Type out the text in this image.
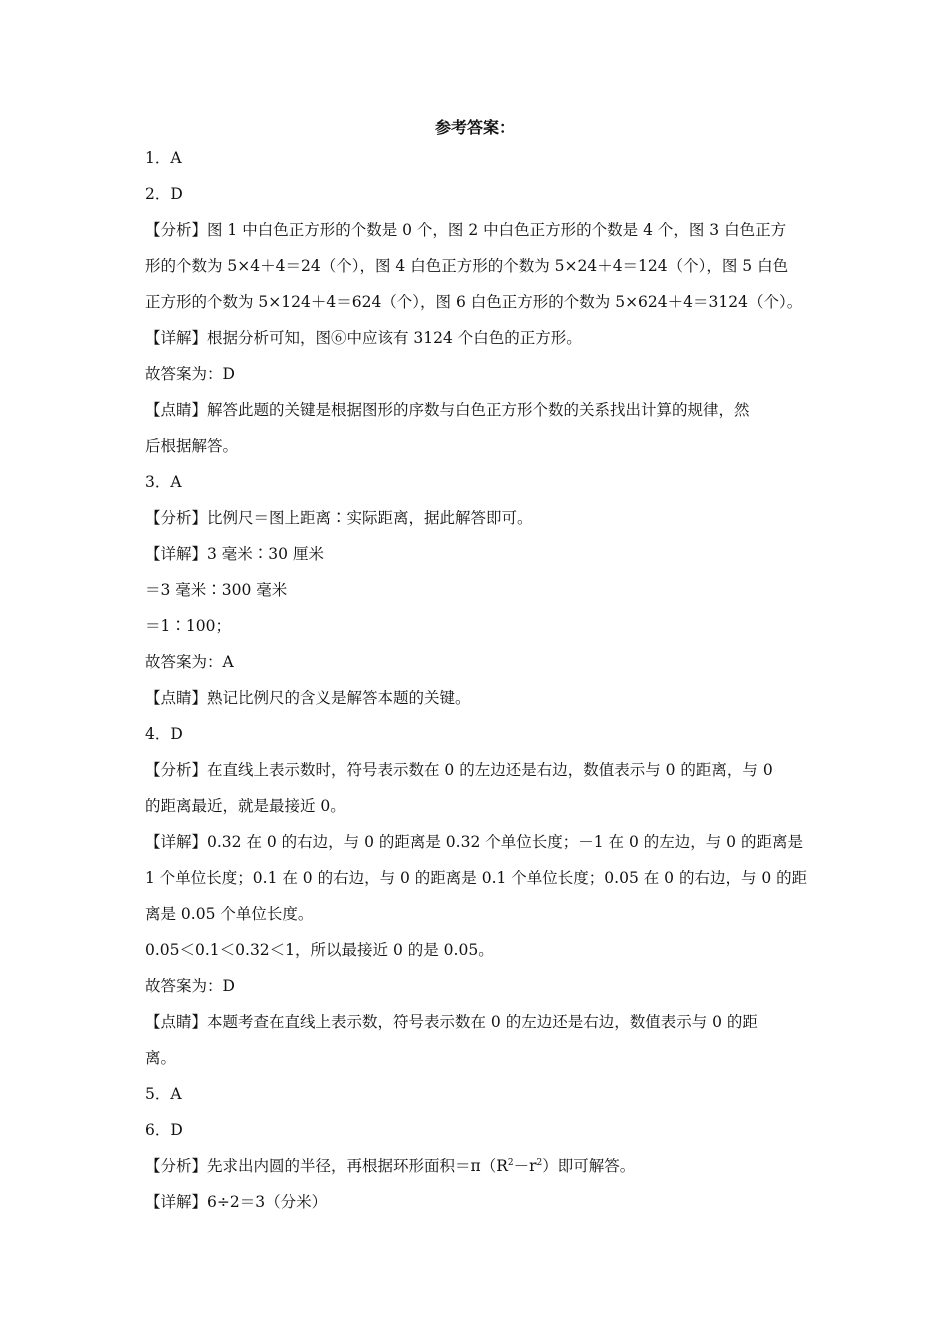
参考答案：
1．A
2．D
【分析】图 1 中白色正方形的个数是 0 个，图 2 中白色正方形的个数是 4 个，图 3 白色正方
形的个数为 5×4＋4＝24（个），图 4 白色正方形的个数为 5×24＋4＝124（个），图 5 白色
正方形的个数为 5×124＋4＝624（个），图 6 白色正方形的个数为 5×624＋4＝3124（个）。
【详解】根据分析可知，图⑥中应该有 3124 个白色的正方形。
故答案为：D
【点睛】解答此题的关键是根据图形的序数与白色正方形个数的关系找出计算的规律，然
后根据解答。
3．A
【分析】比例尺＝图上距离∶实际距离，据此解答即可。
【详解】3 毫米∶30 厘米
＝3 毫米∶300 毫米
＝1∶100；
故答案为：A
【点睛】熟记比例尺的含义是解答本题的关键。
4．D
【分析】在直线上表示数时，符号表示数在 0 的左边还是右边，数值表示与 0 的距离，与 0
的距离最近，就是最接近 0。
【详解】0.32 在 0 的右边，与 0 的距离是 0.32 个单位长度；－1 在 0 的左边，与 0 的距离是
1 个单位长度；0.1 在 0 的右边，与 0 的距离是 0.1 个单位长度；0.05 在 0 的右边，与 0 的距
离是 0.05 个单位长度。
0.05＜0.1＜0.32＜1，所以最接近 0 的是 0.05。
故答案为：D
【点睛】本题考查在直线上表示数，符号表示数在 0 的左边还是右边，数值表示与 0 的距
离。
5．A
6．D
【分析】先求出内圆的半径，再根据环形面积$=\pi(R^2-r^2)$即可解答。
【详解】6÷2＝3（分米）
